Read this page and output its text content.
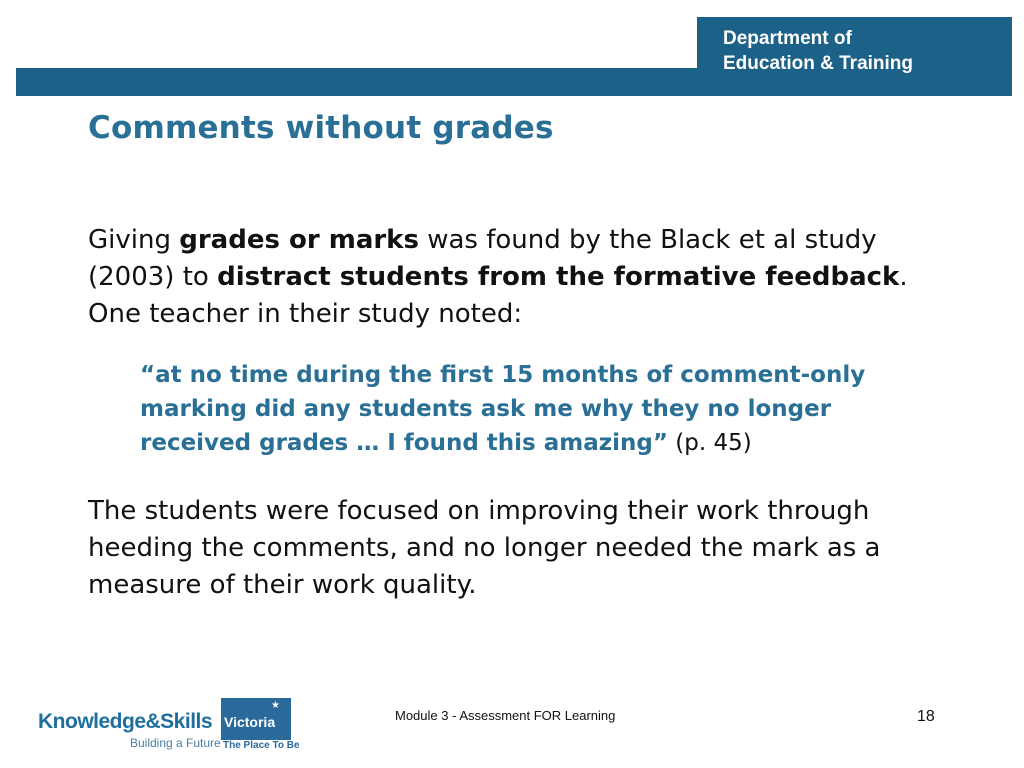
Department of
Education & Training
Comments without grades

Giving grades or marks was found by the Black et al study (2003) to distract students from the formative feedback. One teacher in their study noted:

“at no time during the first 15 months of comment-only marking did any students ask me why they no longer received grades … I found this amazing” (p. 45)

The students were focused on improving their work through heeding the comments, and no longer needed the mark as a measure of their work quality.

Knowledge&Skills
Building a Future
Victoria
★
The Place To Be
Module 3 - Assessment FOR Learning	18
